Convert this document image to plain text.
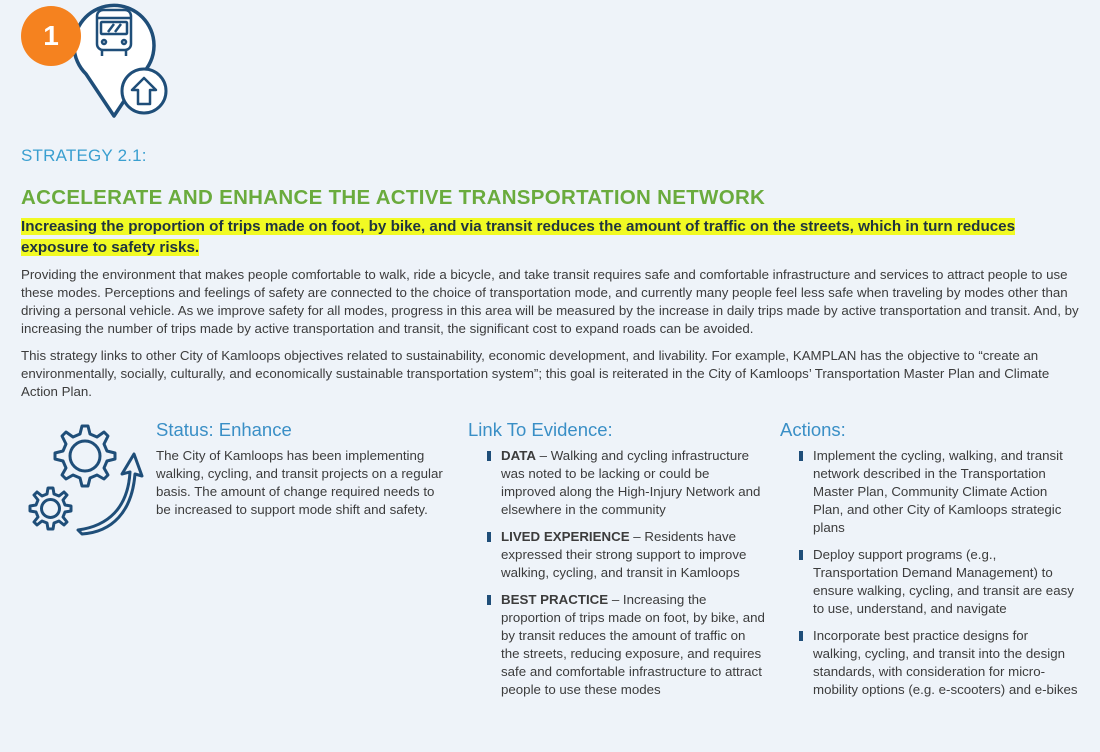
1
STRATEGY 2.1:
ACCELERATE AND ENHANCE THE ACTIVE TRANSPORTATION NETWORK
Increasing the proportion of trips made on foot, by bike, and via transit reduces the amount of traffic on the streets, which in turn reduces exposure to safety risks.
Providing the environment that makes people comfortable to walk, ride a bicycle, and take transit requires safe and comfortable infrastructure and services to attract people to use these modes. Perceptions and feelings of safety are connected to the choice of transportation mode, and currently many people feel less safe when traveling by modes other than driving a personal vehicle. As we improve safety for all modes, progress in this area will be measured by the increase in daily trips made by active transportation and transit. And, by increasing the number of trips made by active transportation and transit, the significant cost to expand roads can be avoided.
This strategy links to other City of Kamloops objectives related to sustainability, economic development, and livability. For example, KAMPLAN has the objective to “create an environmentally, socially, culturally, and economically sustainable transportation system”; this goal is reiterated in the City of Kamloops’ Transportation Master Plan and Climate Action Plan.
Status: Enhance
The City of Kamloops has been implementing walking, cycling, and transit projects on a regular basis. The amount of change required needs to be increased to support mode shift and safety.
Link To Evidence:
DATA – Walking and cycling infrastructure was noted to be lacking or could be improved along the High-Injury Network and elsewhere in the community
LIVED EXPERIENCE – Residents have expressed their strong support to improve walking, cycling, and transit in Kamloops
BEST PRACTICE – Increasing the proportion of trips made on foot, by bike, and by transit reduces the amount of traffic on the streets, reducing exposure, and requires safe and comfortable infrastructure to attract people to use these modes
Actions:
Implement the cycling, walking, and transit network described in the Transportation Master Plan, Community Climate Action Plan, and other City of Kamloops strategic plans
Deploy support programs (e.g., Transportation Demand Management) to ensure walking, cycling, and transit are easy to use, understand, and navigate
Incorporate best practice designs for walking, cycling, and transit into the design standards, with consideration for micro-mobility options (e.g. e-scooters) and e-bikes
